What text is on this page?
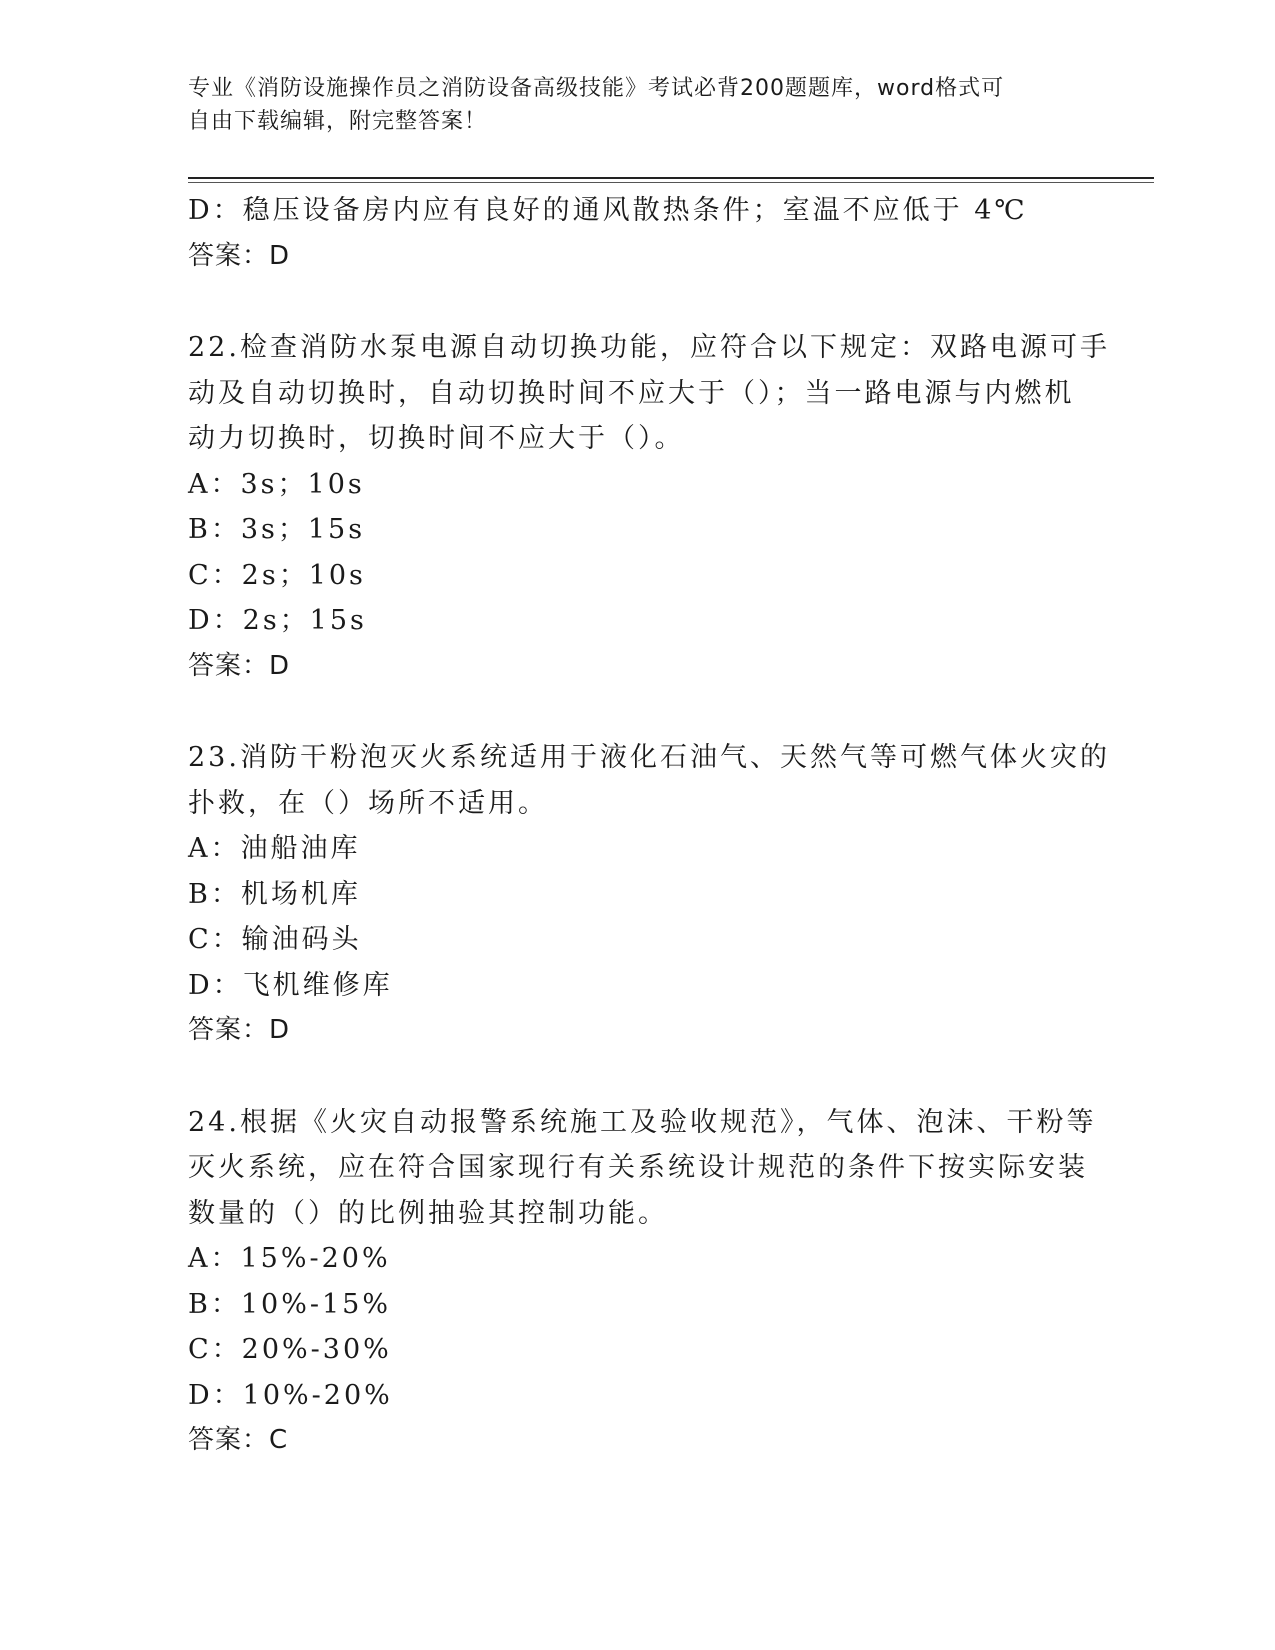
专业《消防设施操作员之消防设备高级技能》考试必背200题题库，word格式可
自由下载编辑，附完整答案！
D：稳压设备房内应有良好的通风散热条件；室温不应低于 4℃
答案：D
22.检查消防水泵电源自动切换功能，应符合以下规定：双路电源可手
动及自动切换时，自动切换时间不应大于（）；当一路电源与内燃机
动力切换时，切换时间不应大于（）。
A：3s；10s
B：3s；15s
C：2s；10s
D：2s；15s
答案：D
23.消防干粉泡灭火系统适用于液化石油气、天然气等可燃气体火灾的
扑救，在（）场所不适用。
A：油船油库
B：机场机库
C：输油码头
D：飞机维修库
答案：D
24.根据《火灾自动报警系统施工及验收规范》，气体、泡沫、干粉等
灭火系统，应在符合国家现行有关系统设计规范的条件下按实际安装
数量的（）的比例抽验其控制功能。
A：15%-20%
B：10%-15%
C：20%-30%
D：10%-20%
答案：C
